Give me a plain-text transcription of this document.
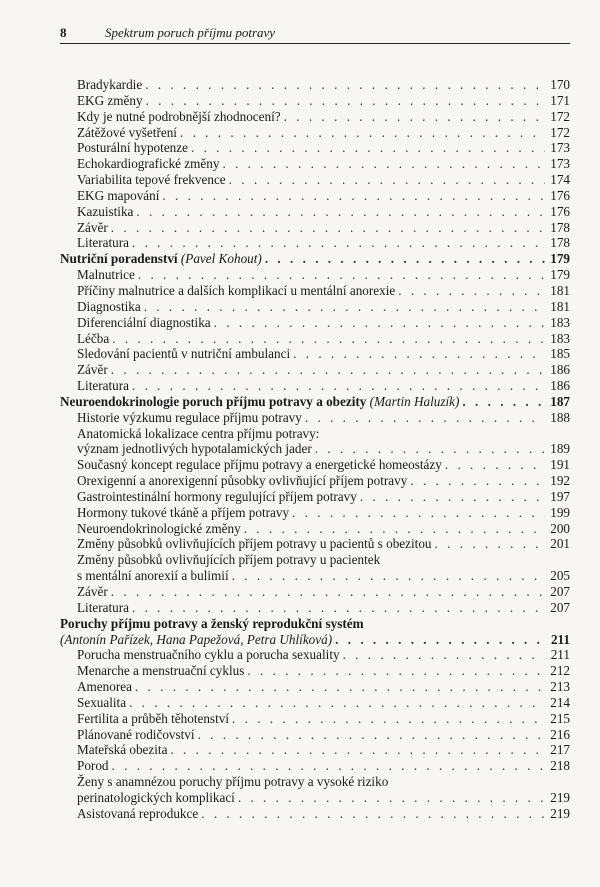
8	Spektrum poruch příjmu potravy
Bradykardie . . .	170
EKG změny . . .	171
Kdy je nutné podrobnější zhodnocení? . . .	172
Zátěžové vyšetření . . .	172
Posturální hypotenze . . .	173
Echokardiografické změny . . .	173
Variabilita tepové frekvence . . .	174
EKG mapování . . .	176
Kazuistika . . .	176
Závěr . . .	178
Literatura . . .	178
Nutriční poradenství (Pavel Kohout) . . .	179
Malnutrice . . .	179
Příčiny malnutrice a dalších komplikací u mentální anorexie . . .	181
Diagnostika . . .	181
Diferenciální diagnostika . . .	183
Léčba . . .	183
Sledování pacientů v nutriční ambulanci . . .	185
Závěr . . .	186
Literatura . . .	186
Neuroendokrinologie poruch příjmu potravy a obezity (Martin Haluzík) . . .	187
Historie výzkumu regulace příjmu potravy . . .	188
Anatomická lokalizace centra příjmu potravy:
význam jednotlivých hypotalamických jader . . .	189
Současný koncept regulace příjmu potravy a energetické homeostázy . . .	191
Orexigenní a anorexigenní působky ovlivňující příjem potravy . . .	192
Gastrointestinální hormony regulující příjem potravy . . .	197
Hormony tukové tkáně a příjem potravy . . .	199
Neuroendokrinologické změny . . .	200
Změny působků ovlivňujících příjem potravy u pacientů s obezitou . . .	201
Změny působků ovlivňujících příjem potravy u pacientek
s mentální anorexií a bulimií . . .	205
Závěr . . .	207
Literatura . . .	207
Poruchy příjmu potravy a ženský reprodukční systém
(Antonín Pařízek, Hana Papežová, Petra Uhlíková) . . .	211
Porucha menstruačního cyklu a porucha sexuality . . .	211
Menarche a menstruační cyklus . . .	212
Amenorea . . .	213
Sexualita . . .	214
Fertilita a průběh těhotenství . . .	215
Plánované rodičovství . . .	216
Mateřská obezita . . .	217
Porod . . .	218
Ženy s anamnézou poruchy příjmu potravy a vysoké riziko
perinatologických komplikací . . .	219
Asistovaná reprodukce . . .	219
